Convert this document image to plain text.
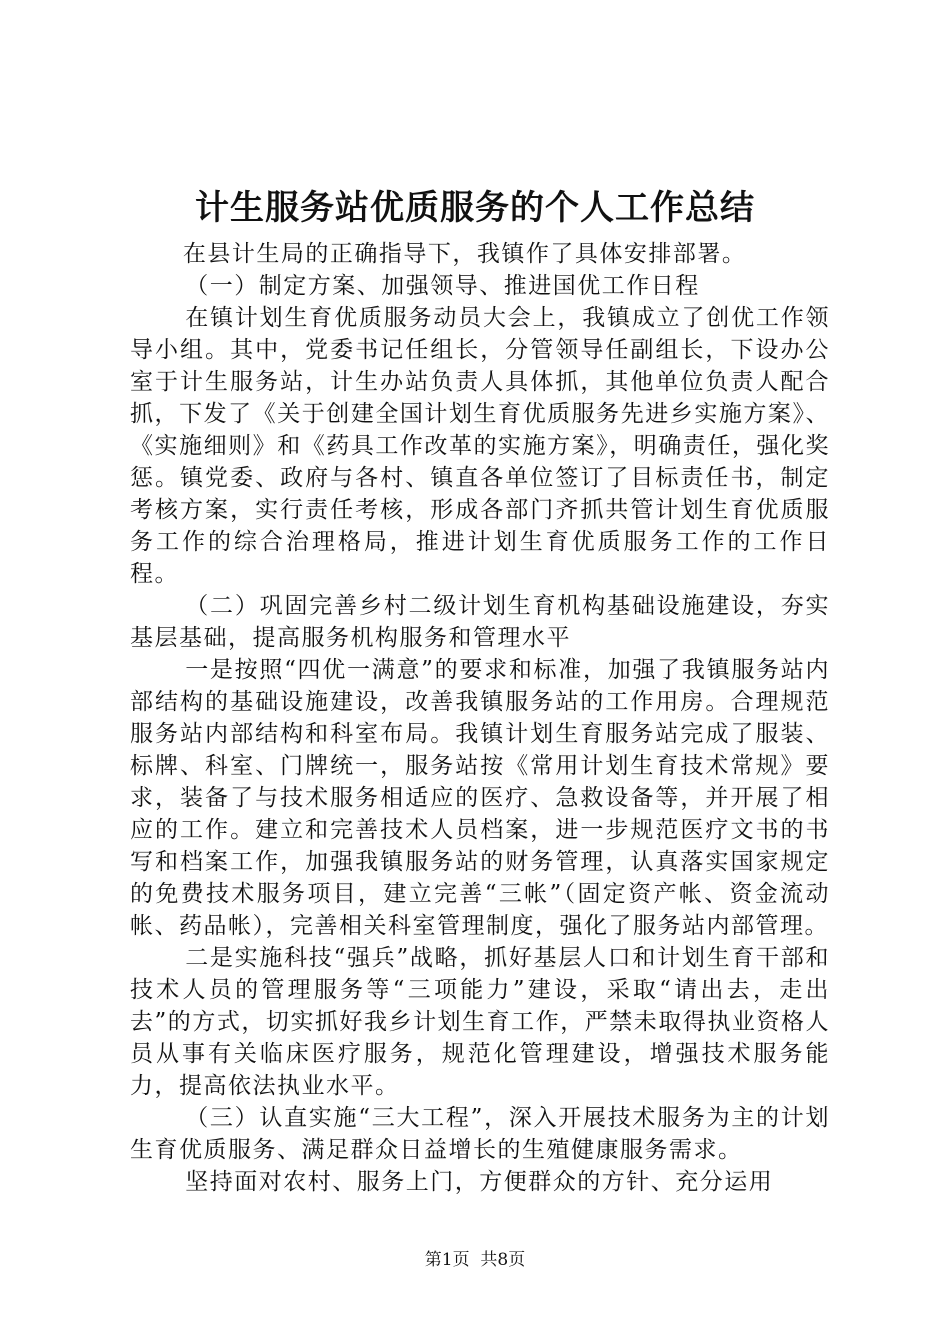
计生服务站优质服务的个人工作总结

在县计生局的正确指导下，我镇作了具体安排部署。

（一）制定方案、加强领导、推进国优工作日程

在镇计划生育优质服务动员大会上，我镇成立了创优工作领导小组。其中，党委书记任组长，分管领导任副组长，下设办公室于计生服务站，计生办站负责人具体抓，其他单位负责人配合抓，下发了《关于创建全国计划生育优质服务先进乡实施方案》、《实施细则》和《药具工作改革的实施方案》，明确责任，强化奖惩。镇党委、政府与各村、镇直各单位签订了目标责任书，制定考核方案，实行责任考核，形成各部门齐抓共管计划生育优质服务工作的综合治理格局，推进计划生育优质服务工作的工作日程。

（二）巩固完善乡村二级计划生育机构基础设施建设，夯实基层基础，提高服务机构服务和管理水平

一是按照“四优一满意”的要求和标准，加强了我镇服务站内部结构的基础设施建设，改善我镇服务站的工作用房。合理规范服务站内部结构和科室布局。我镇计划生育服务站完成了服装、标牌、科室、门牌统一，服务站按《常用计划生育技术常规》要求，装备了与技术服务相适应的医疗、急救设备等，并开展了相应的工作。建立和完善技术人员档案，进一步规范医疗文书的书写和档案工作，加强我镇服务站的财务管理，认真落实国家规定的免费技术服务项目，建立完善“三帐”（固定资产帐、资金流动帐、药品帐），完善相关科室管理制度，强化了服务站内部管理。

二是实施科技“强兵”战略，抓好基层人口和计划生育干部和技术人员的管理服务等“三项能力”建设，采取“请出去，走出去”的方式，切实抓好我乡计划生育工作，严禁未取得执业资格人员从事有关临床医疗服务，规范化管理建设，增强技术服务能力，提高依法执业水平。

（三）认直实施“三大工程”，深入开展技术服务为主的计划生育优质服务、满足群众日益增长的生殖健康服务需求。

坚持面对农村、服务上门，方便群众的方针、充分运用

第1页 共8页
